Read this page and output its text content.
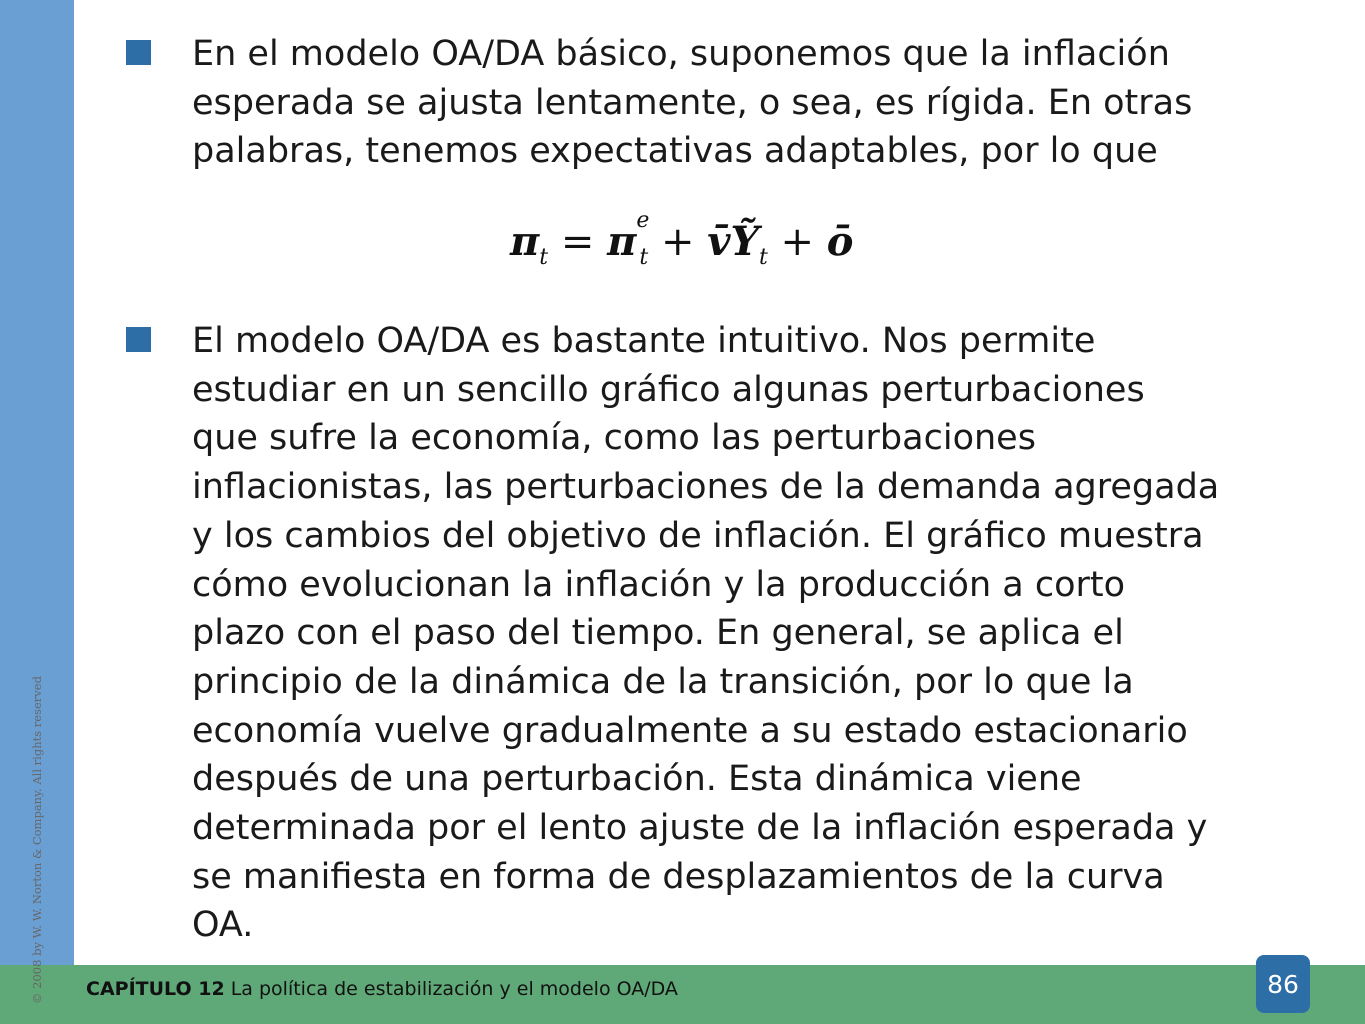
© 2008 by W. W. Norton & Company. All rights reserved
En el modelo OA/DA básico, suponemos que la inflación
esperada se ajusta lentamente, o sea, es rígida. En otras
palabras, tenemos expectativas adaptables, por lo que
$\pi_t = \pi^e_t$ + v̄Ỹ$_t$ + ō
El modelo OA/DA es bastante intuitivo. Nos permite
estudiar en un sencillo gráfico algunas perturbaciones
que sufre la economía, como las perturbaciones
inflacionistas, las perturbaciones de la demanda agregada
y los cambios del objetivo de inflación. El gráfico muestra
cómo evolucionan la inflación y la producción a corto
plazo con el paso del tiempo. En general, se aplica el
principio de la dinámica de la transición, por lo que la
economía vuelve gradualmente a su estado estacionario
después de una perturbación. Esta dinámica viene
determinada por el lento ajuste de la inflación esperada y
se manifiesta en forma de desplazamientos de la curva
OA.
CAPÍTULO 12 La política de estabilización y el modelo OA/DA	86
